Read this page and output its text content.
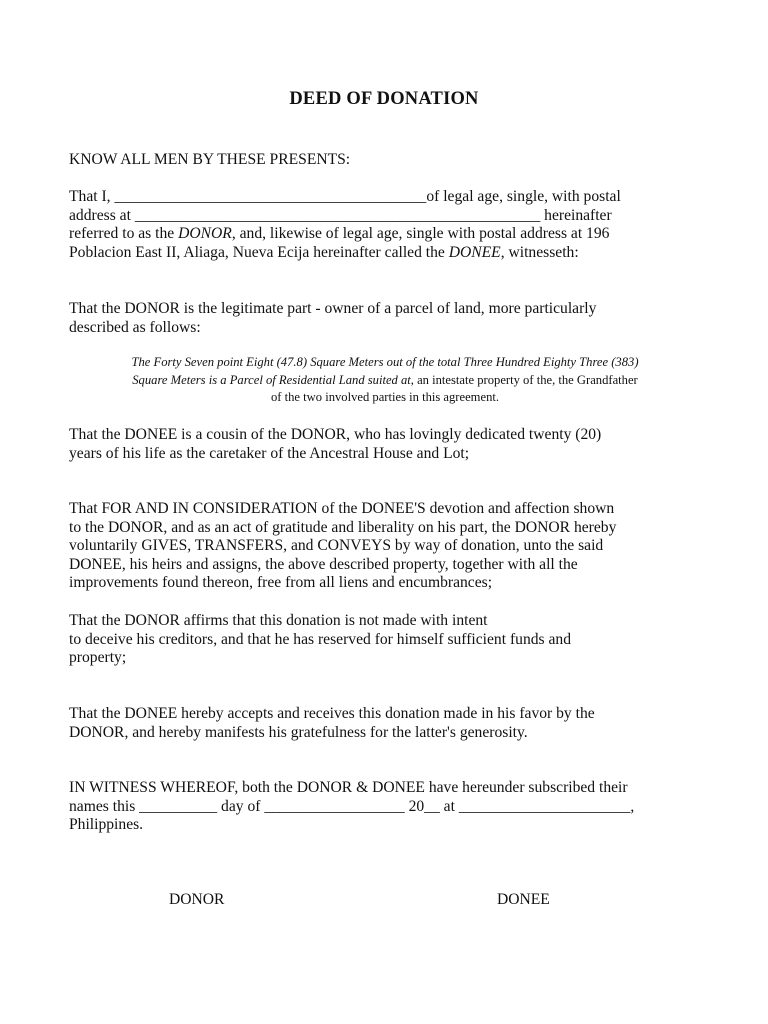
DEED OF DONATION

KNOW ALL MEN BY THESE PRESENTS:

That I, ________________________________________of legal age, single, with postal
address at ____________________________________________________ hereinafter
referred to as the DONOR, and, likewise of legal age, single with postal address at 196
Poblacion East II, Aliaga, Nueva Ecija hereinafter called the DONEE, witnesseth:

That the DONOR is the legitimate part - owner of a parcel of land, more particularly
described as follows:

The Forty Seven point Eight (47.8) Square Meters out of the total Three Hundred Eighty Three (383)
Square Meters is a Parcel of Residential Land suited at, an intestate property of the, the Grandfather
of the two involved parties in this agreement.

That the DONEE is a cousin of the DONOR, who has lovingly dedicated twenty (20)
years of his life as the caretaker of the Ancestral House and Lot;

That FOR AND IN CONSIDERATION of the DONEE'S devotion and affection shown
to the DONOR, and as an act of gratitude and liberality on his part, the DONOR hereby
voluntarily GIVES, TRANSFERS, and CONVEYS by way of donation, unto the said
DONEE, his heirs and assigns, the above described property, together with all the
improvements found thereon, free from all liens and encumbrances;

That the DONOR affirms that this donation is not made with intent
to deceive his creditors, and that he has reserved for himself sufficient funds and
property;

That the DONEE hereby accepts and receives this donation made in his favor by the
DONOR, and hereby manifests his gratefulness for the latter's generosity.

IN WITNESS WHEREOF, both the DONOR & DONEE have hereunder subscribed their
names this __________ day of __________________ 20__ at ______________________,
Philippines.

DONOR	DONEE
